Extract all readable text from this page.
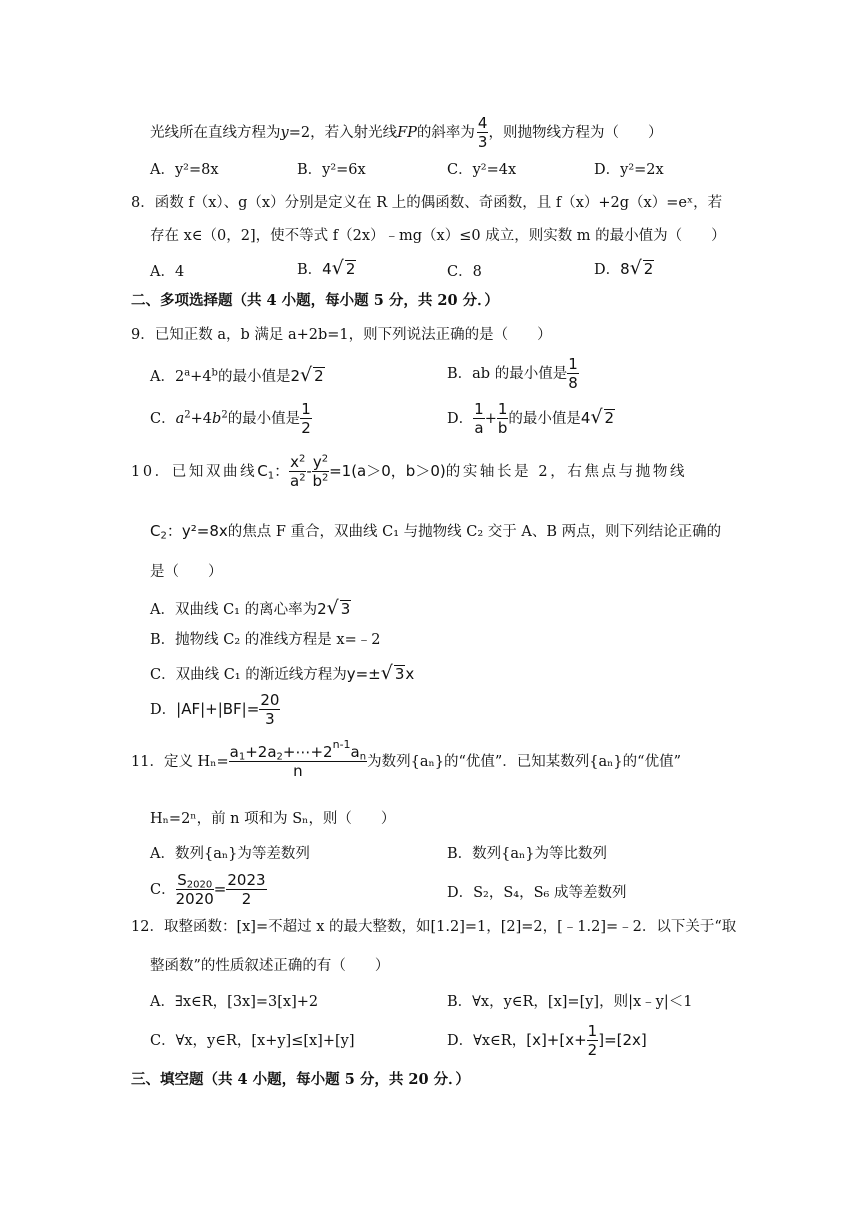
光线所在直线方程为y=2，若入射光线FP的斜率为 $\frac{4}{3}$ ，则抛物线方程为（　　）
A．y²=8x	B．y²=6x	C．y²=4x	D．y²=2x
8．函数 f（x）、g（x）分别是定义在 R 上的偶函数、奇函数，且 f（x）+2g（x）=eˣ，若
存在 x∈（0，2]，使不等式 f（2x）﹣mg（x）≤0 成立，则实数 m 的最小值为（　　）
A．4	B．4√ 2	C．8	D．8√ 2
二、多项选择题（共 4 小题，每小题 5 分，共 20 分．）
9．已知正数 a，b 满足 a+2b=1，则下列说法正确的是（　　）
A．$2^a+4^b$的最小值是2√ 2	B．ab 的最小值是 $\frac{1}{8}$
C．$a^2+4b^2$的最小值是 $\frac{1}{2}$	D． $\frac{1}{a} + \frac{1}{b}$ 的最小值是4√ 2
10．已知双曲线$C_1$： $\frac{x^2}{a^2} - \frac{y^2}{b^2} =1(a>0$，b＞0)的实轴长是 2，右焦点与抛物线
$C_2$：y²=8x的焦点 F 重合，双曲线 C₁ 与抛物线 C₂ 交于 A、B 两点，则下列结论正确的
是（　　）
A．双曲线 C₁ 的离心率为2√ 3
B．抛物线 C₂ 的准线方程是 x=﹣2
C．双曲线 C₁ 的渐近线方程为y=±√ 3x
D．$|AF|+|BF|= \frac{20}{3}$
11．定义 $H_n= \frac{a_1+2a_2+\cdots+2^{n-1}a_n}{n}$ 为数列{aₙ}的“优值”．已知某数列{aₙ}的“优值”
Hₙ=2ⁿ，前 n 项和为 Sₙ，则（　　）
A．数列{aₙ}为等差数列	B．数列{aₙ}为等比数列
C． $\frac{S_{2020}}{2020} = \frac{2023}{2}$	D．S₂，S₄，S₆ 成等差数列
12．取整函数：[x]=不超过 x 的最大整数，如[1.2]=1，[2]=2，[﹣1.2]=﹣2．以下关于“取
整函数”的性质叙述正确的有（　　）
A．∃x∈R，[3x]=3[x]+2	B．∀x，y∈R，[x]=[y]，则|x﹣y|＜1
C．∀x，y∈R，[x+y]≤[x]+[y]	D．∀x∈R，$[x]+[x+ \frac{1}{2} ]=[2x]$
三、填空题（共 4 小题，每小题 5 分，共 20 分．）
